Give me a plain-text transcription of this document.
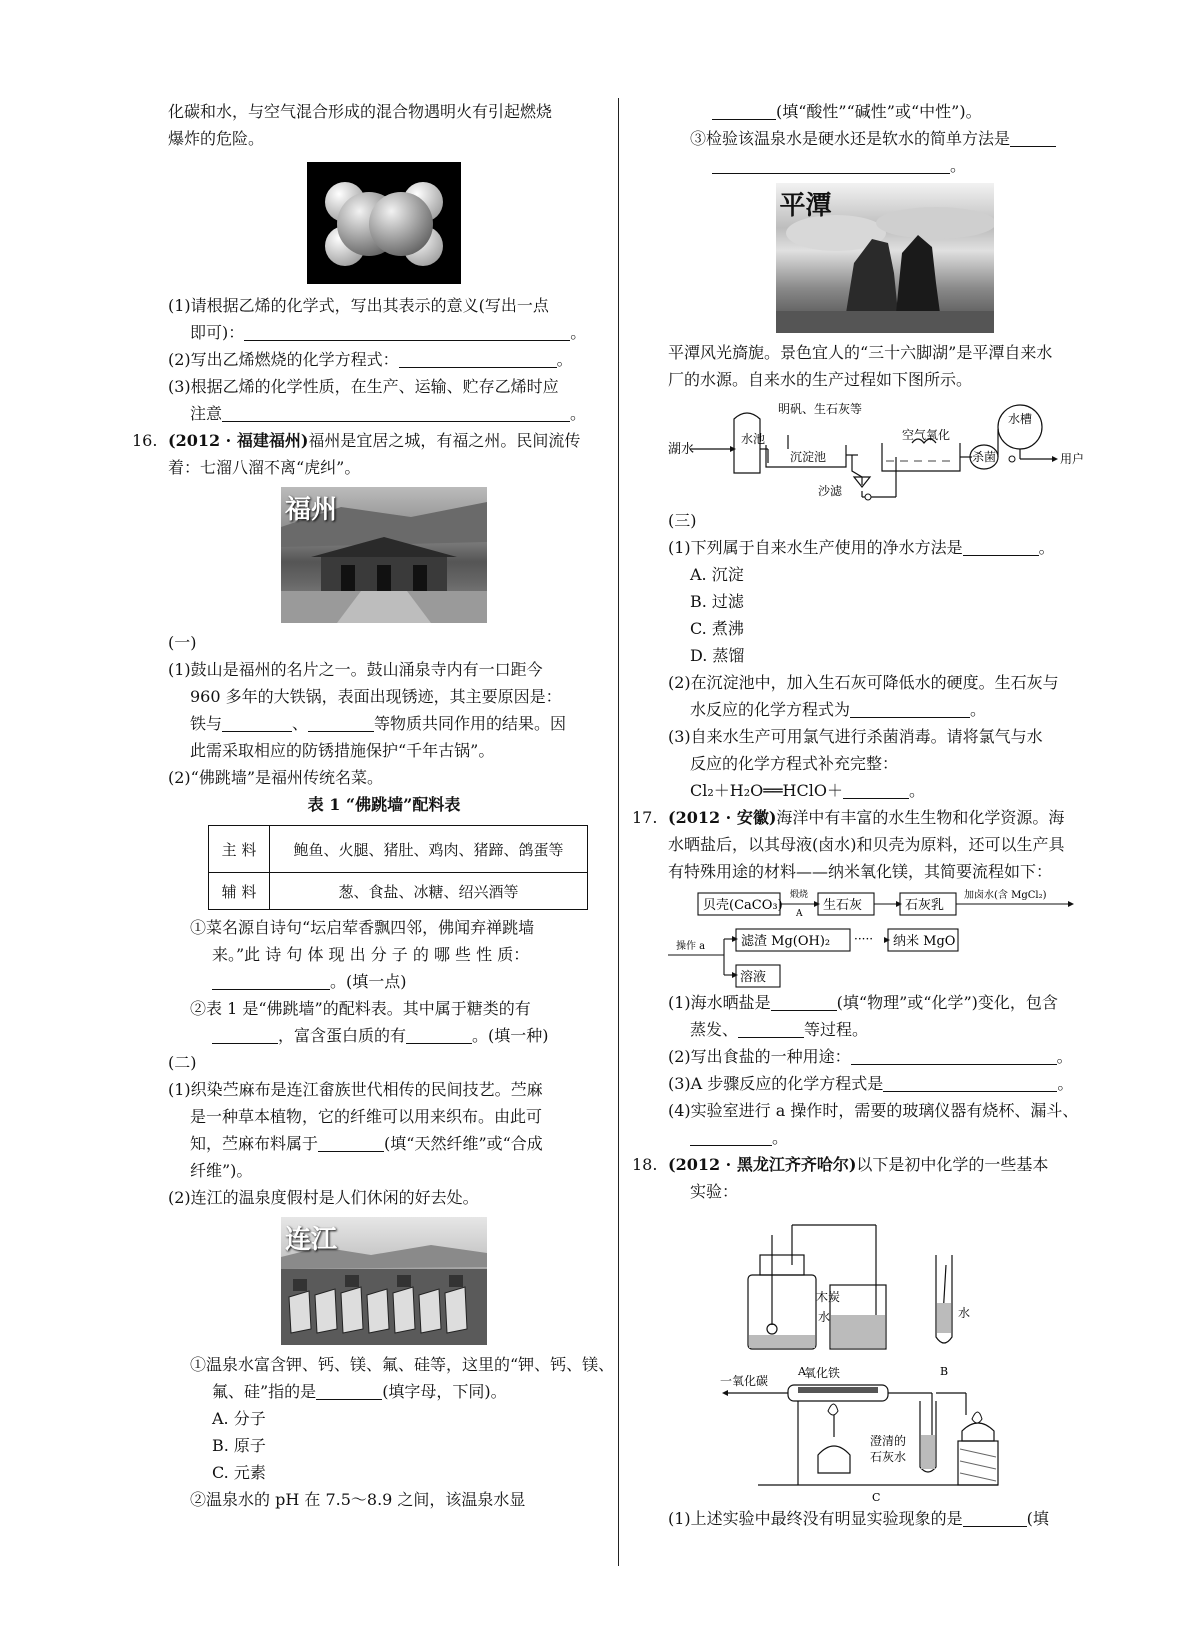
化碳和水，与空气混合形成的混合物遇明火有引起燃烧
爆炸的危险。
(1)请根据乙烯的化学式，写出其表示的意义(写出一点
即可)：	。
(2)写出乙烯燃烧的化学方程式：	。
(3)根据乙烯的化学性质，在生产、运输、贮存乙烯时应
注意	。
16. (2012 · 福建福州)福州是宜居之城，有福之州。民间流传
着：七溜八溜不离“虎纠”。
福州
(一)
(1)鼓山是福州的名片之一。鼓山涌泉寺内有一口距今
960 多年的大铁锅，表面出现锈迹，其主要原因是：
铁与	、	等物质共同作用的结果。因
此需采取相应的防锈措施保护“千年古锅”。
(2)“佛跳墙”是福州传统名菜。
表 1 “佛跳墙”配料表
主 料	鲍鱼、火腿、猪肚、鸡肉、猪蹄、鸽蛋等
辅 料	葱、食盐、冰糖、绍兴酒等
①菜名源自诗句“坛启荤香飘四邻，佛闻弃禅跳墙
来。”此 诗 句 体 现 出 分 子 的 哪 些 性 质：
。(填一点)
②表 1 是“佛跳墙”的配料表。其中属于糖类的有
，富含蛋白质的有	。(填一种)
(二)
(1)织染苎麻布是连江畲族世代相传的民间技艺。苎麻
是一种草本植物，它的纤维可以用来织布。由此可
知，苎麻布料属于	(填“天然纤维”或“合成
纤维”)。
(2)连江的温泉度假村是人们休闲的好去处。
连江
①温泉水富含钾、钙、镁、氟、硅等，这里的“钾、钙、镁、
氟、硅”指的是	(填字母，下同)。
A. 分子
B. 原子
C. 元素
②温泉水的 pH 在 7.5～8.9 之间，该温泉水显
(填“酸性”“碱性”或“中性”)。
③检验该温泉水是硬水还是软水的简单方法是
。
平潭
平潭风光旖旎。景色宜人的“三十六脚湖”是平潭自来水
厂的水源。自来水的生产过程如下图所示。
湖水
水池
明矾、生石灰等
沉淀池
沙滤
空气氧化
杀菌
水槽
用户
(三)
(1)下列属于自来水生产使用的净水方法是	。
A. 沉淀
B. 过滤
C. 煮沸
D. 蒸馏
(2)在沉淀池中，加入生石灰可降低水的硬度。生石灰与
水反应的化学方程式为	。
(3)自来水生产可用氯气进行杀菌消毒。请将氯气与水
反应的化学方程式补充完整：
Cl₂＋H₂O══HClO＋	。
17. (2012 · 安徽)海洋中有丰富的水生生物和化学资源。海
水晒盐后，以其母液(卤水)和贝壳为原料，还可以生产具
有特殊用途的材料——纳米氧化镁，其简要流程如下：
贝壳(CaCO₃)
煅烧
A
生石灰	石灰乳
加卤水(含 MgCl₂)
操作 a	滤渣 Mg(OH)₂ ····· 纳米 MgO
溶液
(1)海水晒盐是	(填“物理”或“化学”)变化，包含
蒸发、	等过程。
(2)写出食盐的一种用途：	。
(3)A 步骤反应的化学方程式是	。
(4)实验室进行 a 操作时，需要的玻璃仪器有烧杯、漏斗、
。
18. (2012 · 黑龙江齐齐哈尔)以下是初中化学的一些基本
实验：
木炭
水	水
A	B
一氧化碳
氧化铁
澄清的
石灰水
C
(1)上述实验中最终没有明显实验现象的是	(填
